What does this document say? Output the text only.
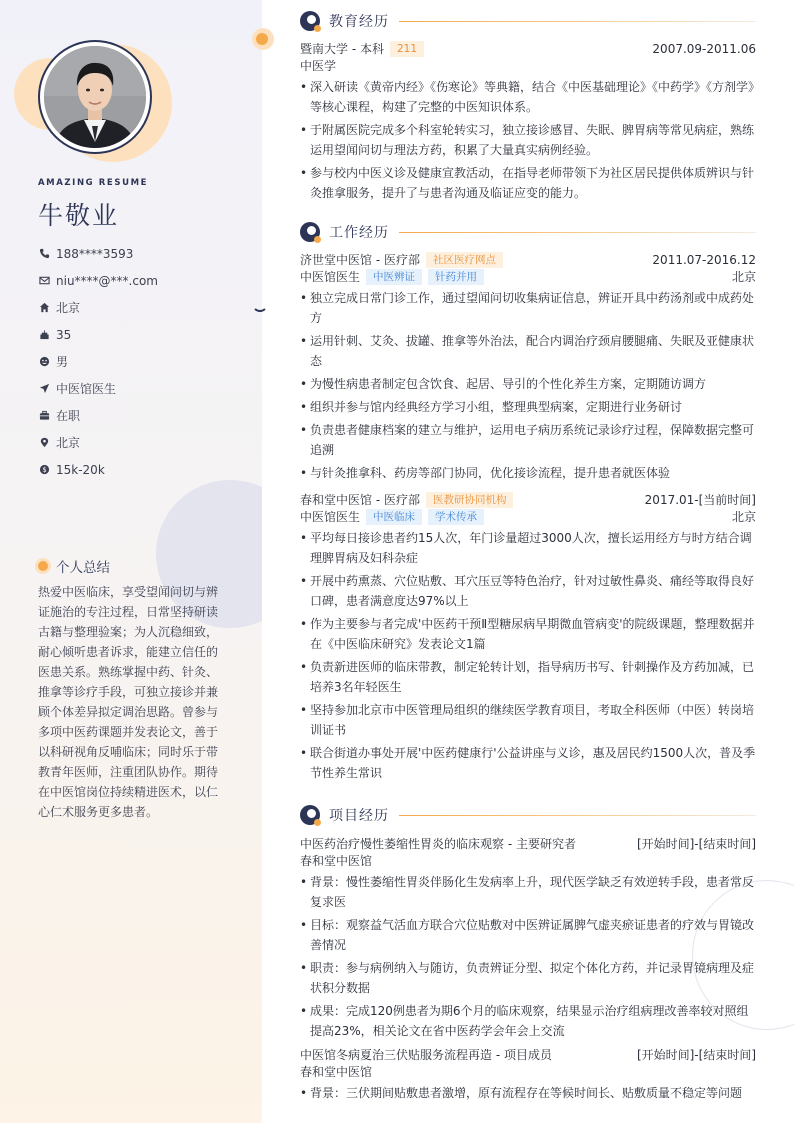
AMAZING RESUME
牛敬业
188****3593
niu****@***.com
北京
35
男
中医馆医生
在职
北京
$ 15k-20k
个人总结
热爱中医临床，享受望闻问切与辨证施治的专注过程，日常坚持研读古籍与整理验案；为人沉稳细致，耐心倾听患者诉求，能建立信任的医患关系。熟练掌握中药、针灸、推拿等诊疗手段，可独立接诊并兼顾个体差异拟定调治思路。曾参与多项中医药课题并发表论文，善于以科研视角反哺临床；同时乐于带教青年医师，注重团队协作。期待在中医馆岗位持续精进医术，以仁心仁术服务更多患者。
教育经历
暨南大学 - 本科	211	2007.09-2011.06
中医学
• 深入研读《黄帝内经》《伤寒论》等典籍，结合《中医基础理论》《中药学》《方剂学》等核心课程，构建了完整的中医知识体系。
• 于附属医院完成多个科室轮转实习，独立接诊感冒、失眠、脾胃病等常见病症，熟练运用望闻问切与理法方药，积累了大量真实病例经验。
• 参与校内中医义诊及健康宣教活动，在指导老师带领下为社区居民提供体质辨识与针灸推拿服务，提升了与患者沟通及临证应变的能力。
工作经历
济世堂中医馆 - 医疗部	社区医疗网点	2011.07-2016.12
中医馆医生	中医辨证	针药并用	北京
• 独立完成日常门诊工作，通过望闻问切收集病证信息，辨证开具中药汤剂或中成药处方
• 运用针刺、艾灸、拔罐、推拿等外治法，配合内调治疗颈肩腰腿痛、失眠及亚健康状态
• 为慢性病患者制定包含饮食、起居、导引的个性化养生方案，定期随访调方
• 组织并参与馆内经典经方学习小组，整理典型病案，定期进行业务研讨
• 负责患者健康档案的建立与维护，运用电子病历系统记录诊疗过程，保障数据完整可追溯
• 与针灸推拿科、药房等部门协同，优化接诊流程，提升患者就医体验
春和堂中医馆 - 医疗部	医教研协同机构	2017.01-[当前时间]
中医馆医生	中医临床	学术传承	北京
• 平均每日接诊患者约15人次，年门诊量超过3000人次，擅长运用经方与时方结合调理脾胃病及妇科杂症
• 开展中药熏蒸、穴位贴敷、耳穴压豆等特色治疗，针对过敏性鼻炎、痛经等取得良好口碑，患者满意度达97%以上
• 作为主要参与者完成'中医药干预Ⅱ型糖尿病早期微血管病变'的院级课题，整理数据并在《中医临床研究》发表论文1篇
• 负责新进医师的临床带教，制定轮转计划，指导病历书写、针刺操作及方药加减，已培养3名年轻医生
• 坚持参加北京市中医管理局组织的继续医学教育项目，考取全科医师（中医）转岗培训证书
• 联合街道办事处开展'中医药健康行'公益讲座与义诊，惠及居民约1500人次，普及季节性养生常识
项目经历
中医药治疗慢性萎缩性胃炎的临床观察 - 主要研究者	[开始时间]-[结束时间]
春和堂中医馆
• 背景：慢性萎缩性胃炎伴肠化生发病率上升，现代医学缺乏有效逆转手段，患者常反复求医
• 目标：观察益气活血方联合穴位贴敷对中医辨证属脾气虚夹瘀证患者的疗效与胃镜改善情况
• 职责：参与病例纳入与随访，负责辨证分型、拟定个体化方药，并记录胃镜病理及症状积分数据
• 成果：完成120例患者为期6个月的临床观察，结果显示治疗组病理改善率较对照组提高23%，相关论文在省中医药学会年会上交流
中医馆冬病夏治三伏贴服务流程再造 - 项目成员	[开始时间]-[结束时间]
春和堂中医馆
• 背景：三伏期间贴敷患者激增，原有流程存在等候时间长、贴敷质量不稳定等问题
